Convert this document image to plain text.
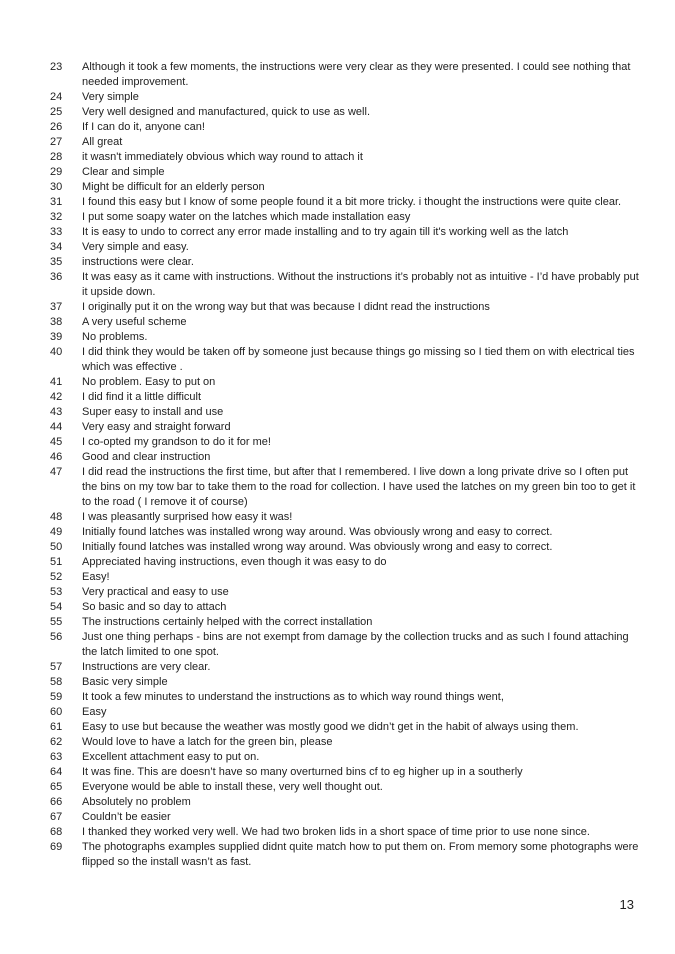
23	Although it took a few moments, the instructions were very clear as they were presented. I could see nothing that needed improvement.
24	Very simple
25	Very well designed and manufactured, quick to use as well.
26	If I can do it, anyone can!
27	All great
28	it wasn't immediately obvious which way round to attach it
29	Clear and simple
30	Might be difficult for an elderly person
31	I found this easy but I know of some people found it a bit more tricky. i thought the instructions were quite clear.
32	I put some soapy water on the latches which made installation easy
33	It is easy to undo to correct any error made installing and to try again till it's working well as the latch
34	Very simple and easy.
35	instructions were clear.
36	It was easy as it came with instructions. Without the instructions it’s probably not as intuitive - I’d have probably put it upside down.
37	I originally put it on the wrong way but that was because I didnt read the instructions
38	A very useful scheme
39	No problems.
40	I did think they would be taken off by someone just because things go missing so I tied them on with electrical ties which was effective .
41	No problem. Easy to put on
42	I did find it a little difficult
43	Super easy to install and use
44	Very easy and straight forward
45	I co-opted my grandson to do it for me!
46	Good and clear instruction
47	I did read the instructions the first time, but after that I remembered. I live down a long private drive so I often put the bins on my tow bar to take them to the road for collection. I have used the latches on my green bin too to get it to the road ( I remove it of course)
48	I was pleasantly surprised how easy it was!
49	Initially found latches was installed wrong way around. Was obviously wrong and easy to correct.
50	Initially found latches was installed wrong way around. Was obviously wrong and easy to correct.
51	Appreciated having instructions, even though it was easy to do
52	Easy!
53	Very practical and easy to use
54	So basic and so day to attach
55	The instructions certainly helped with the correct installation
56	Just one thing perhaps - bins are not exempt from damage by the collection trucks and as such I found attaching the latch limited to one spot.
57	Instructions are very clear.
58	Basic very simple
59	It took a few minutes to understand the instructions as to which way round things went,
60	Easy
61	Easy to use but because the weather was mostly good we didn’t get in the habit of always using them.
62	Would love to have a latch for the green bin, please
63	Excellent attachment easy to put on.
64	It was fine. This are doesn’t have so many overturned bins cf to eg higher up in a southerly
65	Everyone would be able to install these, very well thought out.
66	Absolutely no problem
67	Couldn’t be easier
68	I thanked they worked very well. We had two broken lids in a short space of time prior to use none since.
69	The photographs examples supplied didnt quite match how to put them on. From memory some photographs were flipped so the install wasn’t as fast.
13
